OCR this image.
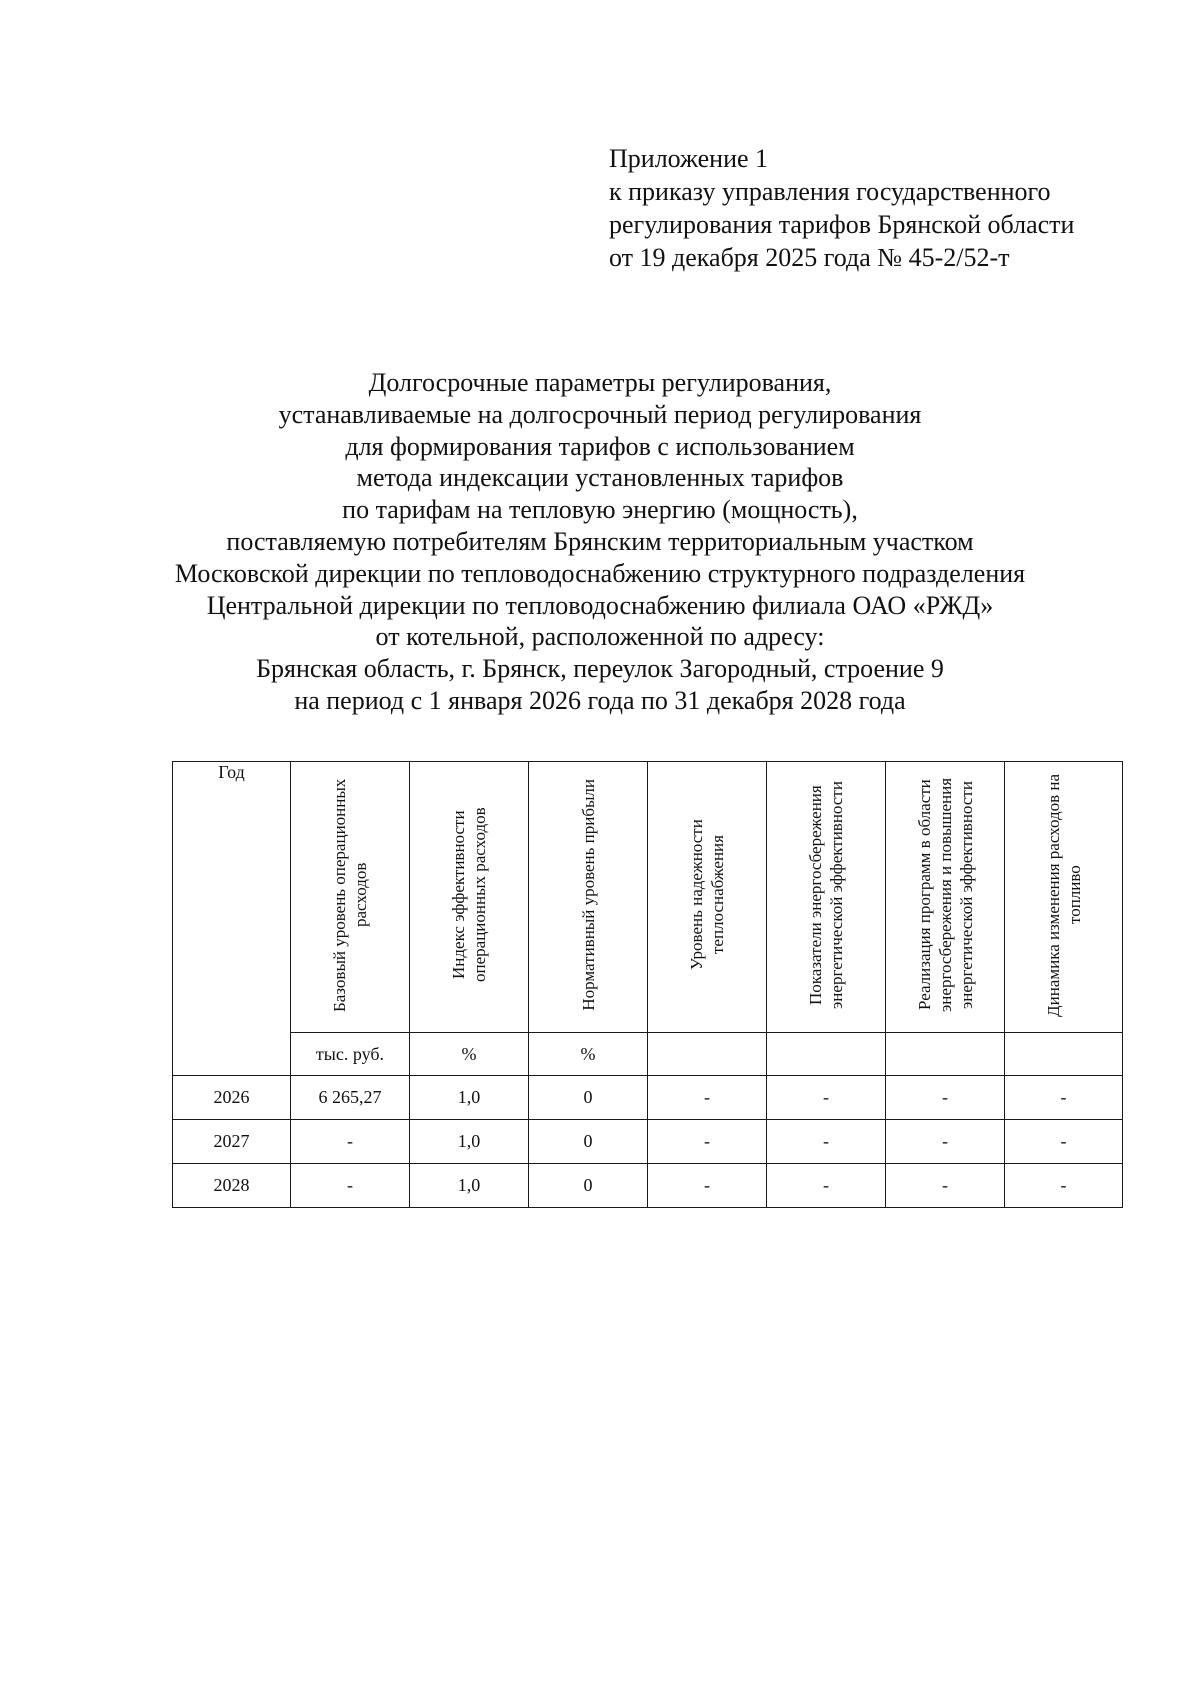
Приложение 1
к приказу управления государственного
регулирования тарифов Брянской области
от 19 декабря 2025 года № 45-2/52-т
Долгосрочные параметры регулирования,
устанавливаемые на долгосрочный период регулирования
для формирования тарифов с использованием
метода индексации установленных тарифов
по тарифам на тепловую энергию (мощность),
поставляемую потребителям Брянским территориальным участком
Московской дирекции по тепловодоснабжению структурного подразделения
Центральной дирекции по тепловодоснабжению филиала ОАО «РЖД»
от котельной, расположенной по адресу:
Брянская область, г. Брянск, переулок Загородный, строение 9
на период с 1 января 2026 года по 31 декабря 2028 года
Год	Базовый уровень операционных расходов	Индекс эффективности операционных расходов	Нормативный уровень прибыли	Уровень надежности теплоснабжения	Показатели энергосбережения энергетической эффективности	Реализация программ в области энергосбережения и повышения энергетической эффективности	Динамика изменения расходов на топливо
	тыс. руб.	%	%				
2026	6 265,27	1,0	0	-	-	-	-
2027	-	1,0	0	-	-	-	-
2028	-	1,0	0	-	-	-	-
